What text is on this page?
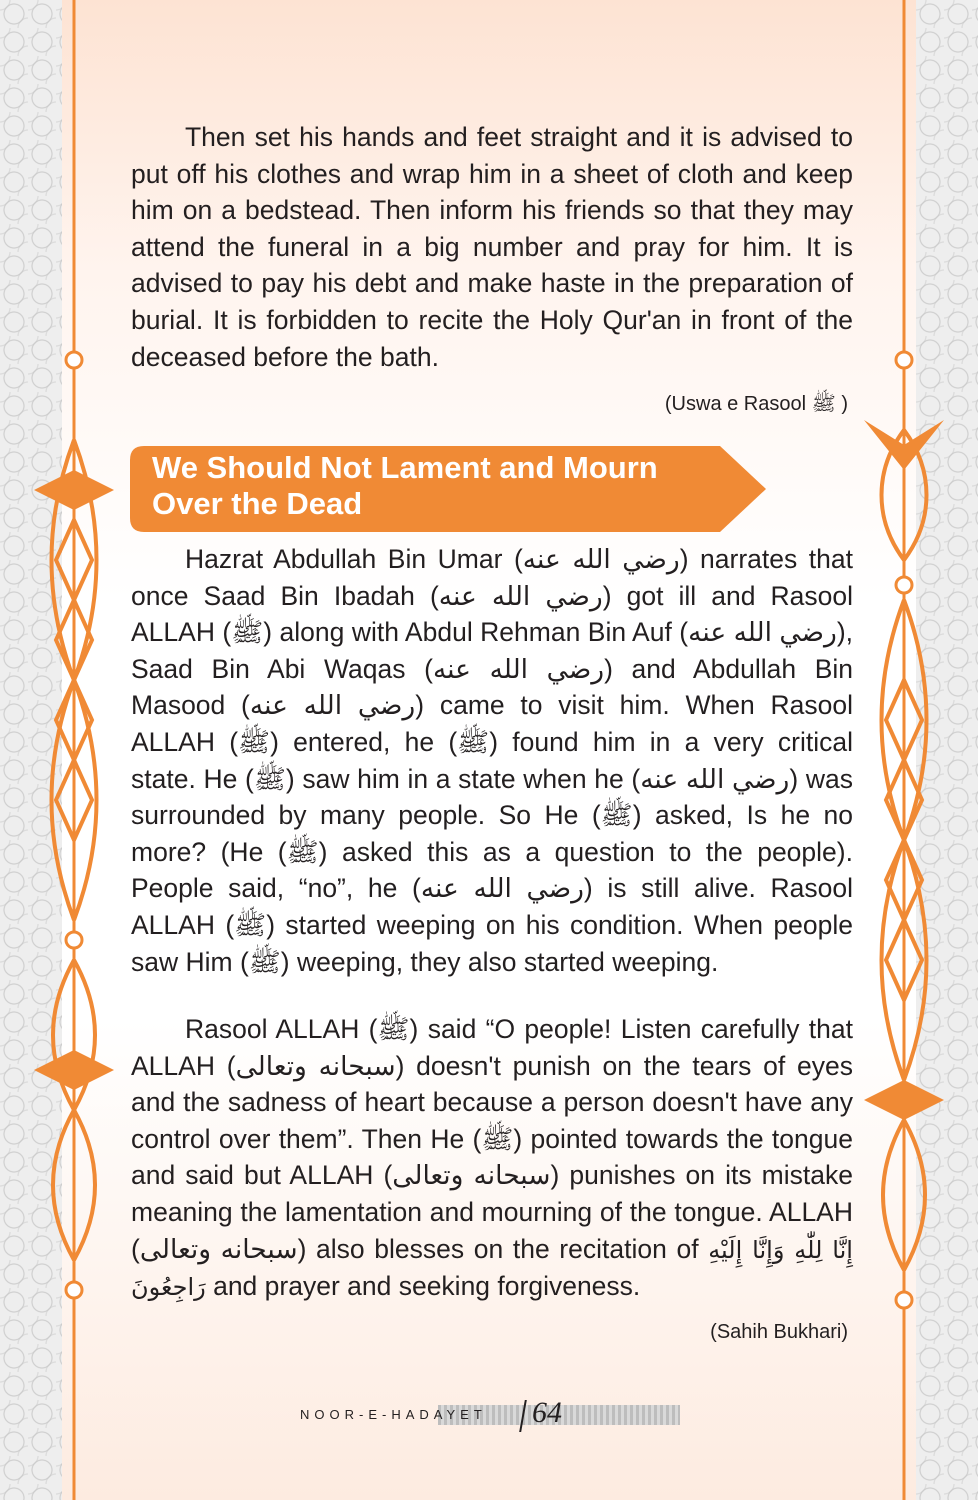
Then set his hands and feet straight and it is advised to put off his clothes and wrap him in a sheet of cloth and keep him on a bedstead. Then inform his friends so that they may attend the funeral in a big number and pray for him. It is advised to pay his debt and make haste in the preparation of burial. It is forbidden to recite the Holy Qur'an in front of the deceased before the bath.
(Uswa e Rasool ﷺ )
We Should Not Lament and Mourn Over the Dead
Hazrat Abdullah Bin Umar (رضي الله عنه) narrates that once Saad Bin Ibadah (رضي الله عنه) got ill and Rasool ALLAH (ﷺ) along with Abdul Rehman Bin Auf (رضي الله عنه), Saad Bin Abi Waqas (رضي الله عنه) and Abdullah Bin Masood (رضي الله عنه) came to visit him. When Rasool ALLAH (ﷺ) entered, he (ﷺ) found him in a very critical state. He (ﷺ) saw him in a state when he (رضي الله عنه) was surrounded by many people. So He (ﷺ) asked, Is he no more? (He (ﷺ) asked this as a question to the people). People said, “no”, he (رضي الله عنه) is still alive. Rasool ALLAH (ﷺ) started weeping on his condition. When people saw Him (ﷺ) weeping, they also started weeping.
Rasool ALLAH (ﷺ) said “O people! Listen carefully that ALLAH (سبحانه وتعالى) doesn't punish on the tears of eyes and the sadness of heart because a person doesn't have any control over them”. Then He (ﷺ) pointed towards the tongue and said but ALLAH (سبحانه وتعالى) punishes on its mistake meaning the lamentation and mourning of the tongue. ALLAH (سبحانه وتعالى) also blesses on the recitation of إِنَّا لِلّٰهِ وَإِنَّا إِلَيْهِ رَاجِعُونَ and prayer and seeking forgiveness.
(Sahih Bukhari)
NOOR-E-HADAYET 64
